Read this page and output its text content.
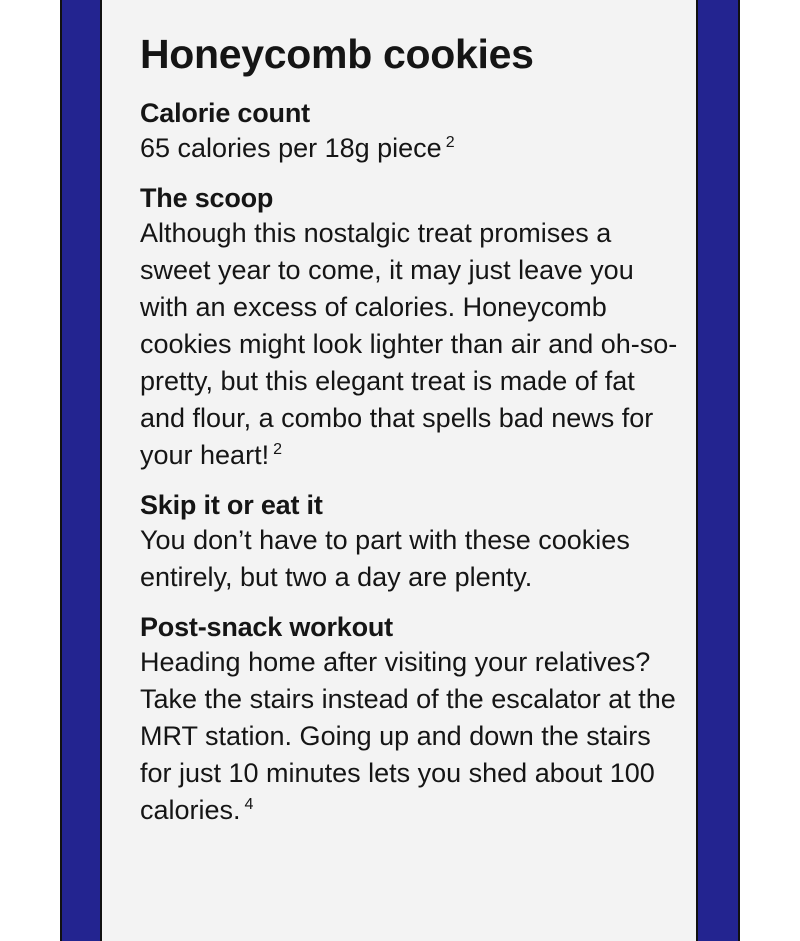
Honeycomb cookies
Calorie count

65 calories per 18g piece $^2$

The scoop

Although this nostalgic treat promises a sweet year to come, it may just leave you with an excess of calories. Honeycomb cookies might look lighter than air and oh-so-pretty, but this elegant treat is made of fat and flour, a combo that spells bad news for your heart! $^2$

Skip it or eat it

You don’t have to part with these cookies entirely, but two a day are plenty.

Post-snack workout

Heading home after visiting your relatives? Take the stairs instead of the escalator at the MRT station. Going up and down the stairs for just 10 minutes lets you shed about 100 calories. $^4$
